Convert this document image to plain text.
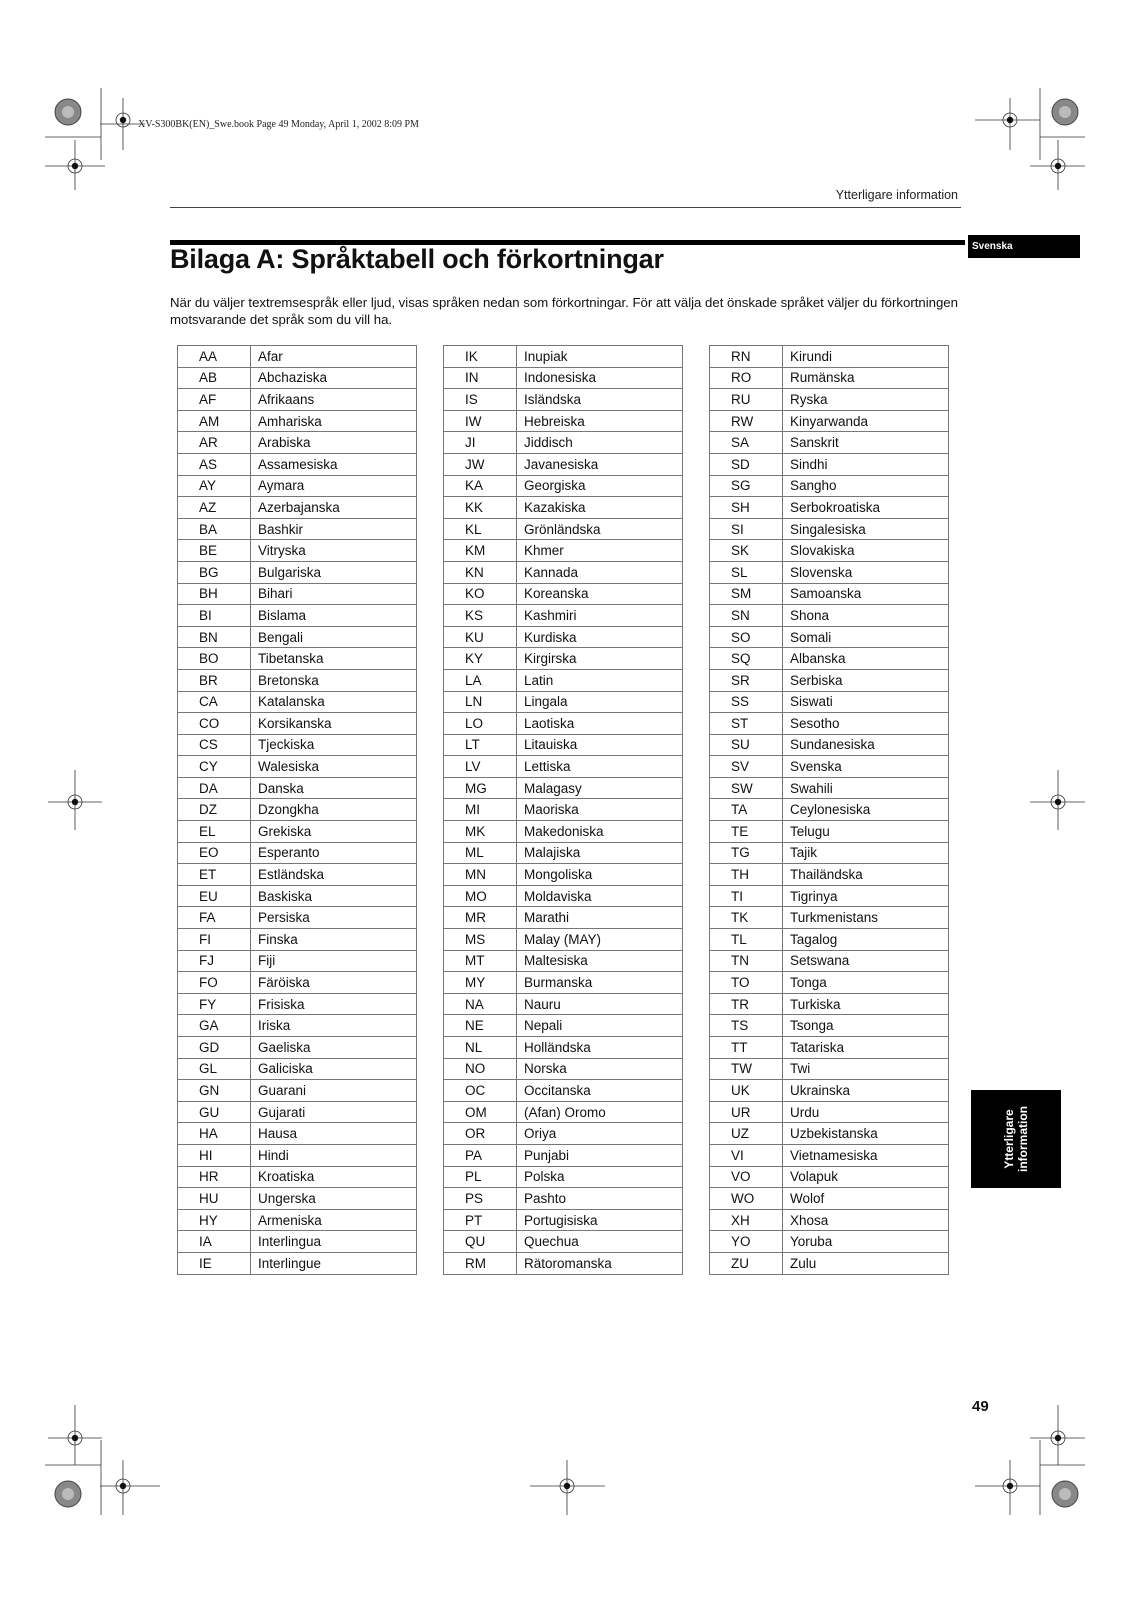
XV-S300BK(EN)_Swe.book Page 49 Monday, April 1, 2002 8:09 PM
Ytterligare information
Svenska
Bilaga A: Språktabell och förkortningar

När du väljer textremsespråk eller ljud, visas språken nedan som förkortningar. För att välja det önskade språket väljer du förkortningen motsvarande det språk som du vill ha.

AA	Afar
AB	Abchaziska
AF	Afrikaans
AM	Amhariska
AR	Arabiska
AS	Assamesiska
AY	Aymara
AZ	Azerbajanska
BA	Bashkir
BE	Vitryska
BG	Bulgariska
BH	Bihari
BI	Bislama
BN	Bengali
BO	Tibetanska
BR	Bretonska
CA	Katalanska
CO	Korsikanska
CS	Tjeckiska
CY	Walesiska
DA	Danska
DZ	Dzongkha
EL	Grekiska
EO	Esperanto
ET	Estländska
EU	Baskiska
FA	Persiska
FI	Finska
FJ	Fiji
FO	Färöiska
FY	Frisiska
GA	Iriska
GD	Gaeliska
GL	Galiciska
GN	Guarani
GU	Gujarati
HA	Hausa
HI	Hindi
HR	Kroatiska
HU	Ungerska
HY	Armeniska
IA	Interlingua
IE	Interlingue
IK	Inupiak
IN	Indonesiska
IS	Isländska
IW	Hebreiska
JI	Jiddisch
JW	Javanesiska
KA	Georgiska
KK	Kazakiska
KL	Grönländska
KM	Khmer
KN	Kannada
KO	Koreanska
KS	Kashmiri
KU	Kurdiska
KY	Kirgirska
LA	Latin
LN	Lingala
LO	Laotiska
LT	Litauiska
LV	Lettiska
MG	Malagasy
MI	Maoriska
MK	Makedoniska
ML	Malajiska
MN	Mongoliska
MO	Moldaviska
MR	Marathi
MS	Malay (MAY)
MT	Maltesiska
MY	Burmanska
NA	Nauru
NE	Nepali
NL	Holländska
NO	Norska
OC	Occitanska
OM	(Afan) Oromo
OR	Oriya
PA	Punjabi
PL	Polska
PS	Pashto
PT	Portugisiska
QU	Quechua
RM	Rätoromanska
RN	Kirundi
RO	Rumänska
RU	Ryska
RW	Kinyarwanda
SA	Sanskrit
SD	Sindhi
SG	Sangho
SH	Serbokroatiska
SI	Singalesiska
SK	Slovakiska
SL	Slovenska
SM	Samoanska
SN	Shona
SO	Somali
SQ	Albanska
SR	Serbiska
SS	Siswati
ST	Sesotho
SU	Sundanesiska
SV	Svenska
SW	Swahili
TA	Ceylonesiska
TE	Telugu
TG	Tajik
TH	Thailändska
TI	Tigrinya
TK	Turkmenistans
TL	Tagalog
TN	Setswana
TO	Tonga
TR	Turkiska
TS	Tsonga
TT	Tatariska
TW	Twi
UK	Ukrainska
UR	Urdu
UZ	Uzbekistanska
VI	Vietnamesiska
VO	Volapuk
WO	Wolof
XH	Xhosa
YO	Yoruba
ZU	Zulu
Ytterligare
information
49
